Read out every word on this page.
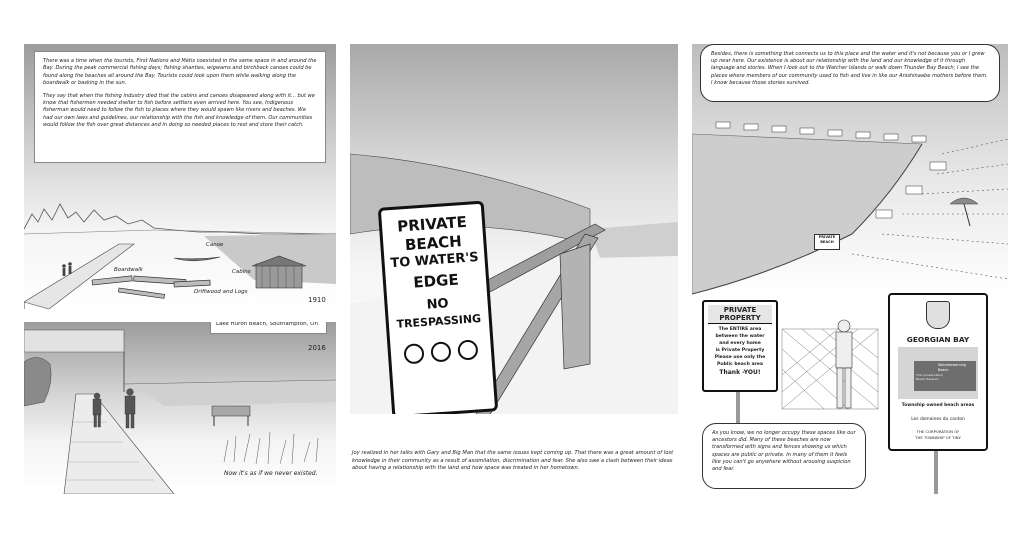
There was a time when the tourists, First Nations and Métis coexisted in the same space in and around the Bay. During the peak commercial fishing days; fishing shanties, wigwams and birchback canoes could be found along the beaches all around the Bay. Tourists could look upon them while walking along the boardwalk or basking in the sun.

They say that when the fishing industry died that the cabins and canoes disapeared along with it... but we know that fishermen needed shelter to fish before settlers even arrived here. You see, Indigenous fisherman would need to follow the fish to places where they would spawn like rivers and beaches. We had our own laws and guidelines, our relationship with the fish and knowledge of them. Our communities would follow the fish over great distances and in doing so needed places to rest and store their catch.

Boardwalk
Canoe
Cabins
Driftwood and Logs
1910
Lake Huron Beach, Southampton, On
2016
Now it's as if we never existed.
PRIVATE
BEACH
TO WATER'S
EDGE
NO
TRESPASSING

Joy realized in her talks with Gary and Big Man that the same issues kept coming up. That there was a great amount of lost knowledge in their community as a result of assimilation, discrimination and fear. She also saw a clash between their ideas about having a relationship with the land and how space was treated in her hometown.

Besides, there is something that connects us to this place and the water and it's not because you or I grew up near here. Our existence is about our relationship with the land and our knowledge of it through language and stories. When I look out to the Watcher Islands or walk down Thunder Bay Beach; I see the places where members of our community used to fish and live in like our Anishinaabe mothers before them. I know because those stories survived.

PRIVATE
BEACH
PRIVATE
PROPERTY
The ENTIRE area
between the water
and every home
is Private Property
Please use only the
Public beach area
Thank -YOU!
GEORGIAN BAY
Wolvebewarning Beach
This Conservation Beach Reserve
Township owned beach areas
Les domaines du canton
THE CORPORATION OF
THE TOWNSHIP OF TINY

As you know, we no longer occupy these spaces like our ancestors did. Many of these beaches are now transformed with signs and fences showing us which spaces are public or private. In many of them it feels like you can't go anywhere without arousing suspicion and fear.
